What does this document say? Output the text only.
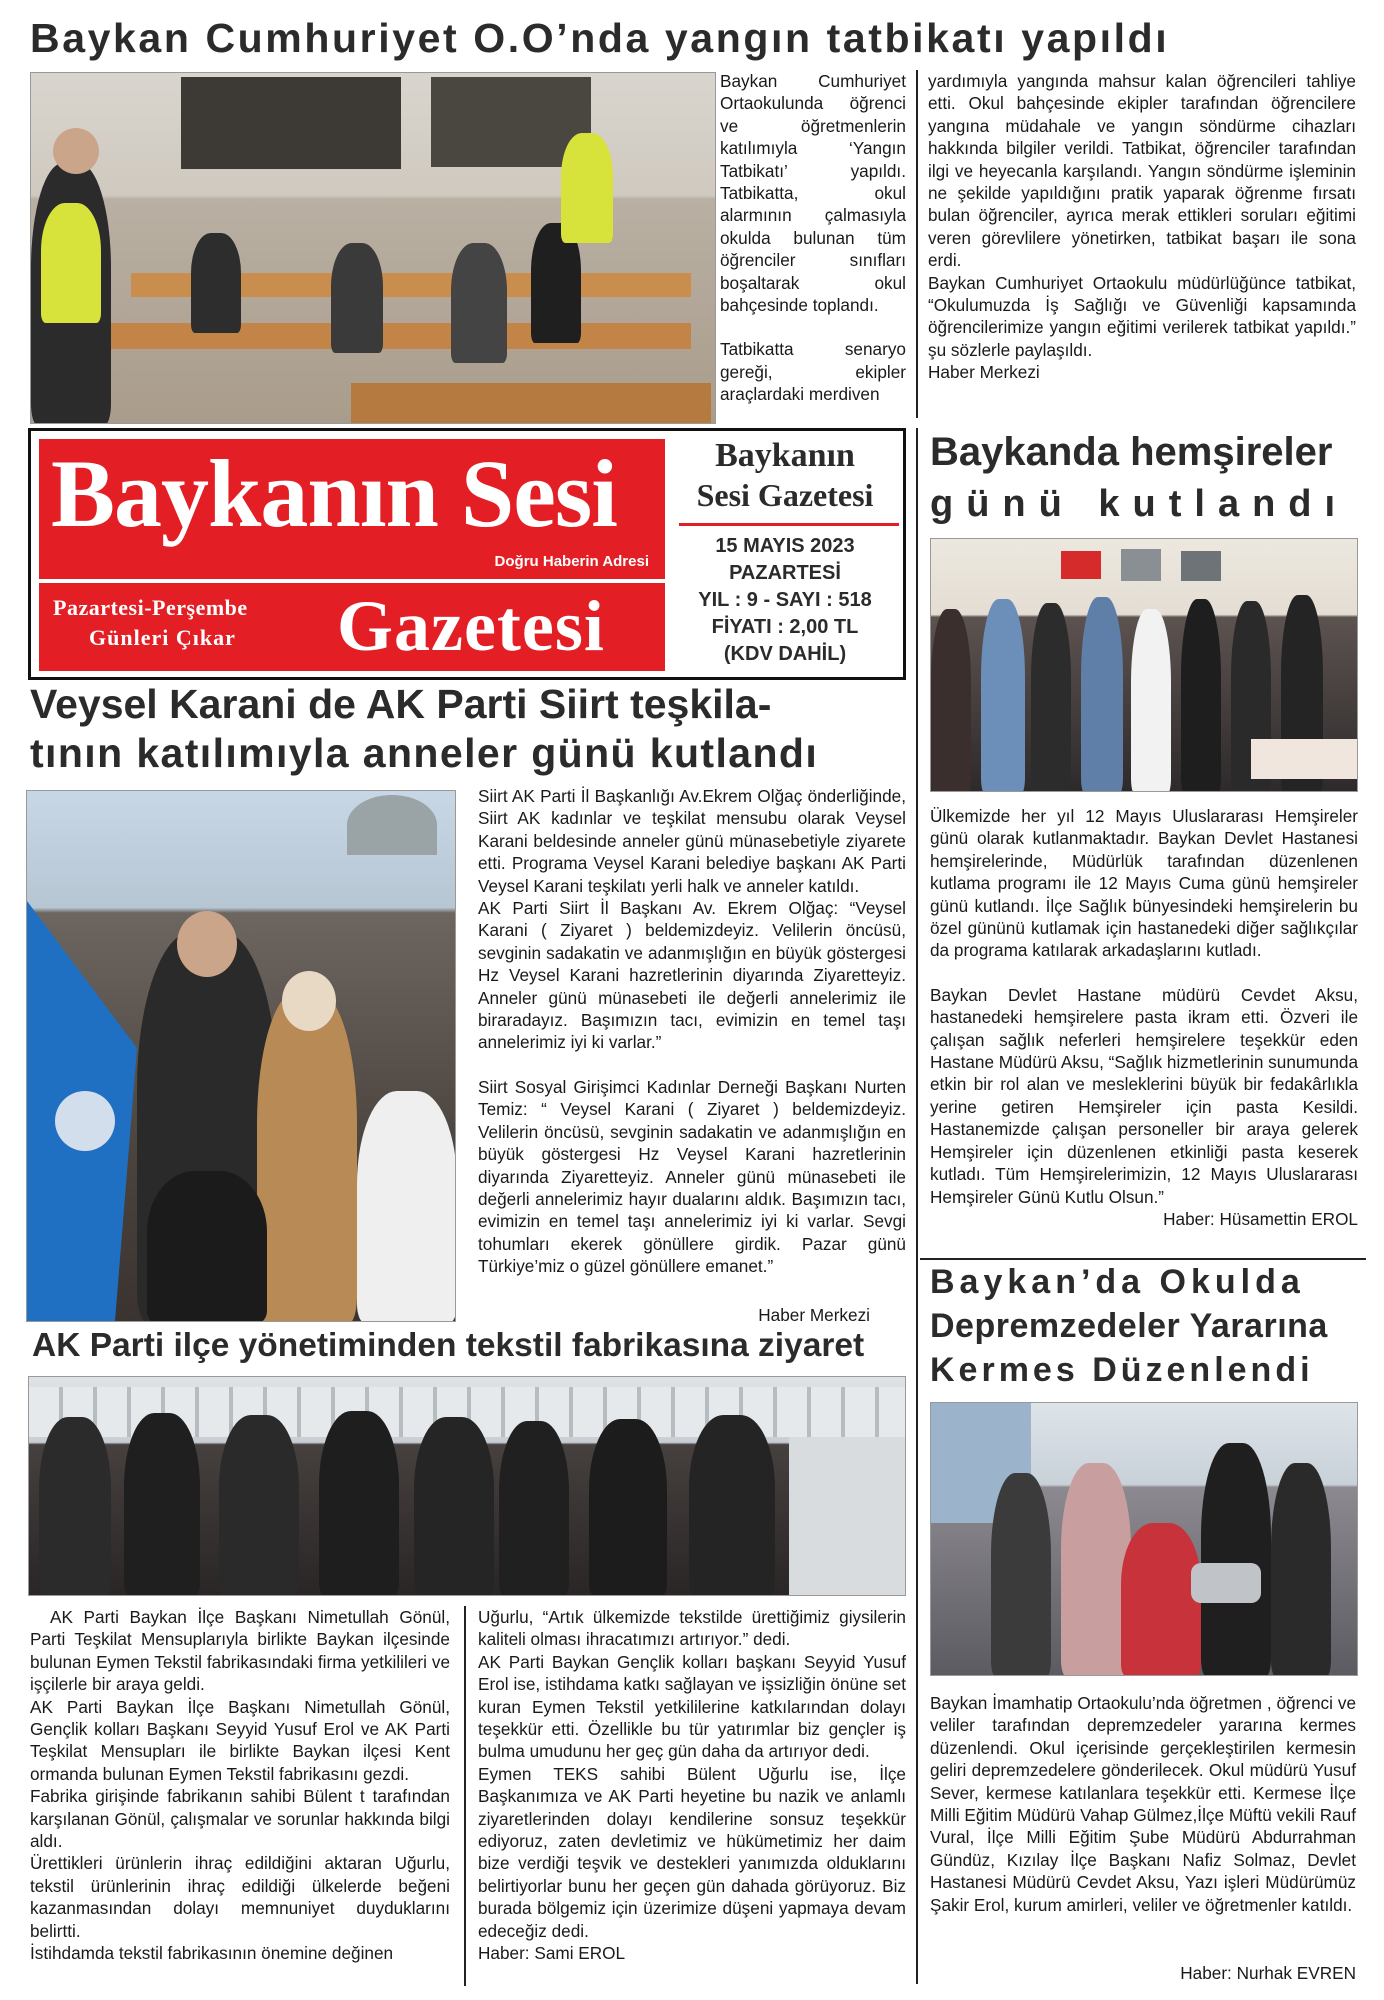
Baykan Cumhuriyet O.O’nda yangın tatbikatı yapıldı

Baykan Cumhuriyet Ortaokulunda öğrenci ve öğretmenlerin katılımıyla ‘Yangın Tatbikatı’ yapıldı. Tatbikatta, okul alarmının çalmasıyla okulda bulunan tüm öğrenciler sınıfları boşaltarak okul bahçesinde toplandı.

Tatbikatta senaryo gereği, ekipler araçlardaki merdiven

yardımıyla yangında mahsur kalan öğrencileri tahliye etti. Okul bahçesinde ekipler tarafından öğrencilere yangına müdahale ve yangın söndürme cihazları hakkında bilgiler verildi. Tatbikat, öğrenciler tarafından ilgi ve heyecanla karşılandı. Yangın söndürme işleminin ne şekilde yapıldığını pratik yaparak öğrenme fırsatı bulan öğrenciler, ayrıca merak ettikleri soruları eğitimi veren görevlilere yönetirken, tatbikat başarı ile sona erdi.

Baykan Cumhuriyet Ortaokulu müdürlüğünce tatbikat, “Okulumuzda İş Sağlığı ve Güvenliği kapsamında öğrencilerimize yangın eğitimi verilerek tatbikat yapıldı.” şu sözlerle paylaşıldı.

Haber Merkezi

Baykanın Sesi
Doğru Haberin Adresi
Pazartesi-Perşembe
Günleri Çıkar Gazetesi
Baykanın
Sesi Gazetesi
15 MAYIS 2023
PAZARTESİ
YIL : 9 - SAYI : 518
FİYATI : 2,00 TL
(KDV DAHİL)
Baykanda hemşireler
günü kutlandı

Ülkemizde her yıl 12 Mayıs Uluslararası Hemşireler günü olarak kutlanmaktadır. Baykan Devlet Hastanesi hemşirelerinde, Müdürlük tarafından düzenlenen kutlama programı ile 12 Mayıs Cuma günü hemşireler günü kutlandı. İlçe Sağlık bünyesindeki hemşirelerin bu özel gününü kutlamak için hastanedeki diğer sağlıkçılar da programa katılarak arkadaşlarını kutladı.

Baykan Devlet Hastane müdürü Cevdet Aksu, hastanedeki hemşirelere pasta ikram etti. Özveri ile çalışan sağlık neferleri hemşirelere teşekkür eden Hastane Müdürü Aksu, “Sağlık hizmetlerinin sunumunda etkin bir rol alan ve mesleklerini büyük bir fedakârlıkla yerine getiren Hemşireler için pasta Kesildi. Hastanemizde çalışan personeller bir araya gelerek Hemşireler için düzenlenen etkinliği pasta keserek kutladı. Tüm Hemşirelerimizin, 12 Mayıs Uluslararası Hemşireler Günü Kutlu Olsun.”

Haber: Hüsamettin EROL

Veysel Karani de AK Parti Siirt teşkila-
tının katılımıyla anneler günü kutlandı

Siirt AK Parti İl Başkanlığı Av.Ekrem Olğaç önderliğinde, Siirt AK kadınlar ve teşkilat mensubu olarak Veysel Karani beldesinde anneler günü münasebetiyle ziyarete etti. Programa Veysel Karani belediye başkanı AK Parti Veysel Karani teşkilatı yerli halk ve anneler katıldı.

AK Parti Siirt İl Başkanı Av. Ekrem Olğaç: “Veysel Karani ( Ziyaret ) beldemizdeyiz. Velilerin öncüsü, sevginin sadakatin ve adanmışlığın en büyük göstergesi Hz Veysel Karani hazretlerinin diyarında Ziyaretteyiz. Anneler günü münasebeti ile değerli annelerimiz ile biraradayız. Başımızın tacı, evimizin en temel taşı annelerimiz iyi ki varlar.”

Siirt Sosyal Girişimci Kadınlar Derneği Başkanı Nurten Temiz: “ Veysel Karani ( Ziyaret ) beldemizdeyiz. Velilerin öncüsü, sevginin sadakatin ve adanmışlığın en büyük göstergesi Hz Veysel Karani hazretlerinin diyarında Ziyaretteyiz. Anneler günü münasebeti ile değerli annelerimiz hayır dualarını aldık. Başımızın tacı, evimizin en temel taşı annelerimiz iyi ki varlar. Sevgi tohumları ekerek gönüllere girdik. Pazar günü Türkiye’miz o güzel gönüllere emanet.”

Haber Merkezi
AK Parti ilçe yönetiminden tekstil fabrikasına ziyaret

AK Parti Baykan İlçe Başkanı Nimetullah Gönül, Parti Teşkilat Mensuplarıyla birlikte Baykan ilçesinde bulunan Eymen Tekstil fabrikasındaki firma yetkilileri ve işçilerle bir araya geldi.

AK Parti Baykan İlçe Başkanı Nimetullah Gönül, Gençlik kolları Başkanı Seyyid Yusuf Erol ve AK Parti Teşkilat Mensupları ile birlikte Baykan ilçesi Kent ormanda bulunan Eymen Tekstil fabrikasını gezdi.

Fabrika girişinde fabrikanın sahibi Bülent t tarafından karşılanan Gönül, çalışmalar ve sorunlar hakkında bilgi aldı.

Ürettikleri ürünlerin ihraç edildiğini aktaran Uğurlu, tekstil ürünlerinin ihraç edildiği ülkelerde beğeni kazanmasından dolayı memnuniyet duyduklarını belirtti.

İstihdamda tekstil fabrikasının önemine değinen

Uğurlu, “Artık ülkemizde tekstilde ürettiğimiz giysilerin kaliteli olması ihracatımızı artırıyor.” dedi.

AK Parti Baykan Gençlik kolları başkanı Seyyid Yusuf Erol ise, istihdama katkı sağlayan ve işsizliğin önüne set kuran Eymen Tekstil yetkililerine katkılarından dolayı teşekkür etti. Özellikle bu tür yatırımlar biz gençler iş bulma umudunu her geç gün daha da artırıyor dedi.

Eymen TEKS sahibi Bülent Uğurlu ise, İlçe Başkanımıza ve AK Parti heyetine bu nazik ve anlamlı ziyaretlerinden dolayı kendilerine sonsuz teşekkür ediyoruz, zaten devletimiz ve hükümetimiz her daim bize verdiği teşvik ve destekleri yanımızda olduklarını belirtiyorlar bunu her geçen gün dahada görüyoruz. Biz burada bölgemiz için üzerimize düşeni yapmaya devam edeceğiz dedi.

Haber: Sami EROL

Baykan’da Okulda
Depremzedeler Yararına
Kermes Düzenlendi

Baykan İmamhatip Ortaokulu’nda öğretmen , öğrenci ve veliler tarafından depremzedeler yararına kermes düzenlendi. Okul içerisinde gerçekleştirilen kermesin geliri depremzedelere gönderilecek. Okul müdürü Yusuf Sever, kermese katılanlara teşekkür etti. Kermese İlçe Milli Eğitim Müdürü Vahap Gülmez,İlçe Müftü vekili Rauf Vural, İlçe Milli Eğitim Şube Müdürü Abdurrahman Gündüz, Kızılay İlçe Başkanı Nafiz Solmaz, Devlet Hastanesi Müdürü Cevdet Aksu, Yazı işleri Müdürümüz Şakir Erol, kurum amirleri, veliler ve öğretmenler katıldı.

Haber: Nurhak EVREN
